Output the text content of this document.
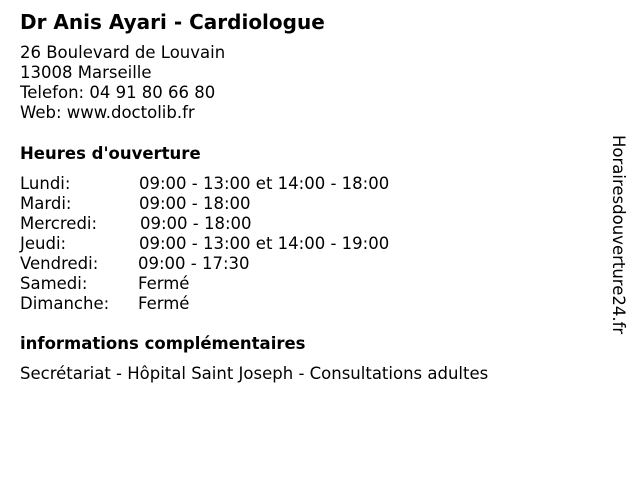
Dr Anis Ayari - Cardiologue
26 Boulevard de Louvain
13008 Marseille
Telefon: 04 91 80 66 80
Web: www.doctolib.fr
Heures d'ouverture
Lundi:	09:00 - 13:00 et 14:00 - 18:00
Mardi:	09:00 - 18:00
Mercredi:	09:00 - 18:00
Jeudi:	09:00 - 13:00 et 14:00 - 19:00
Vendredi: 09:00 - 17:30
Samedi:	Fermé
Dimanche: Fermé
informations complémentaires
Secrétariat - Hôpital Saint Joseph - Consultations adultes
Horairesdouverture24.fr
